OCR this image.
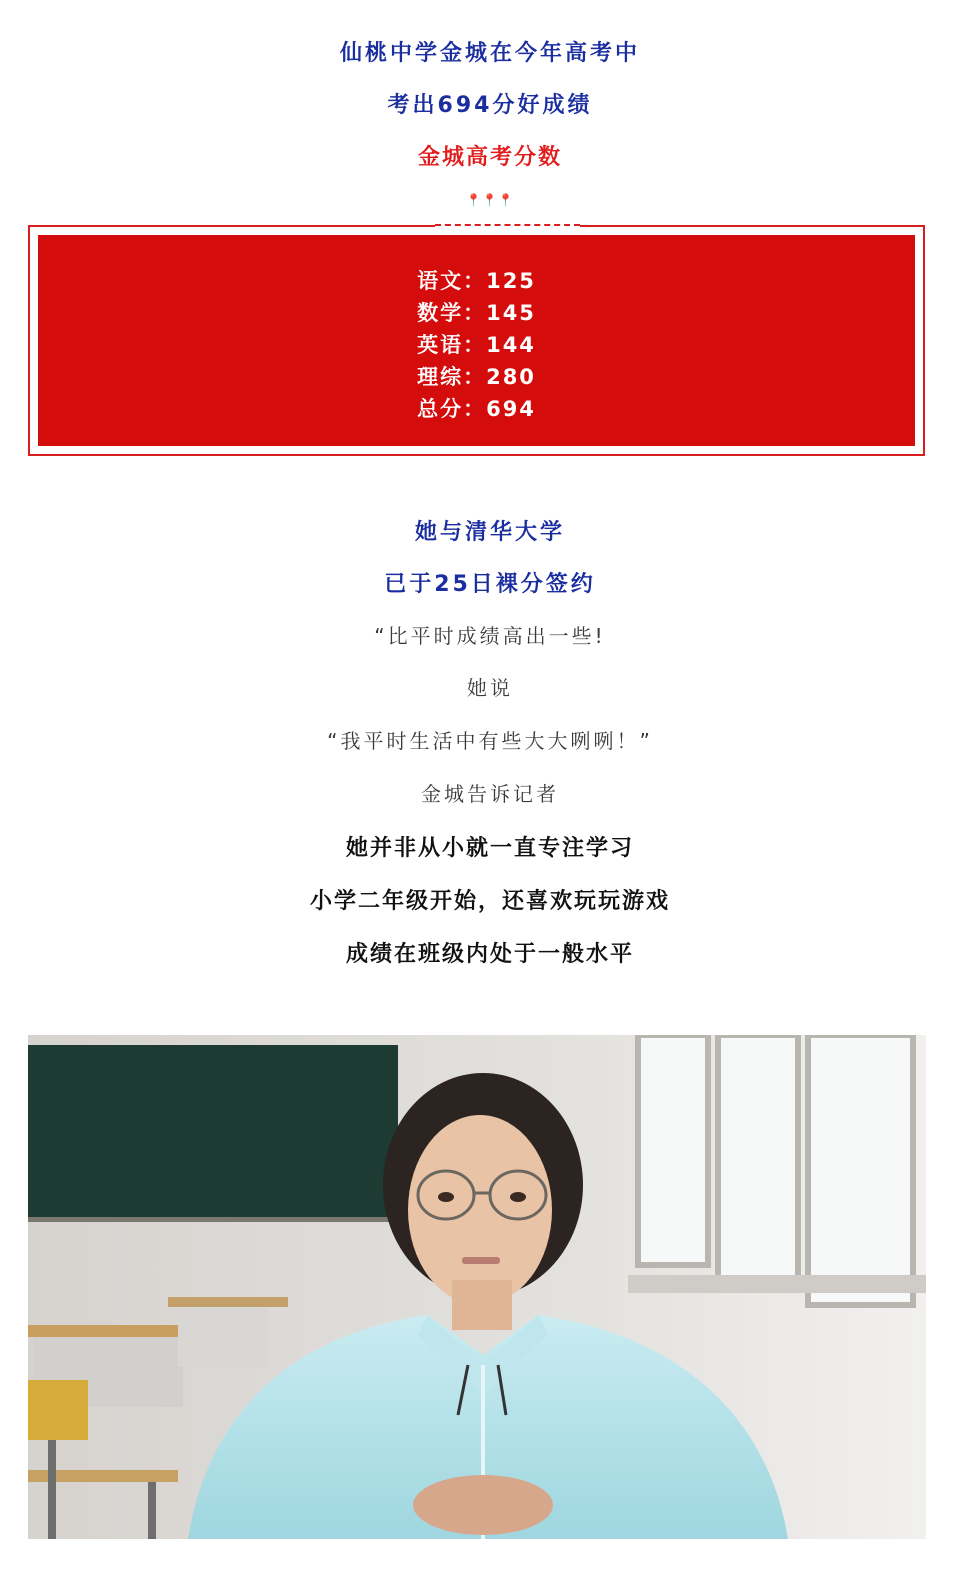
仙桃中学金城在今年高考中
考出694分好成绩
金城高考分数
📍📍📍
语文：125
数学：145
英语：144
理综：280
总分：694
她与清华大学
已于25日裸分签约
“比平时成绩高出一些!
她说
“我平时生活中有些大大咧咧！”
金城告诉记者
她并非从小就一直专注学习
小学二年级开始，还喜欢玩玩游戏
成绩在班级内处于一般水平
